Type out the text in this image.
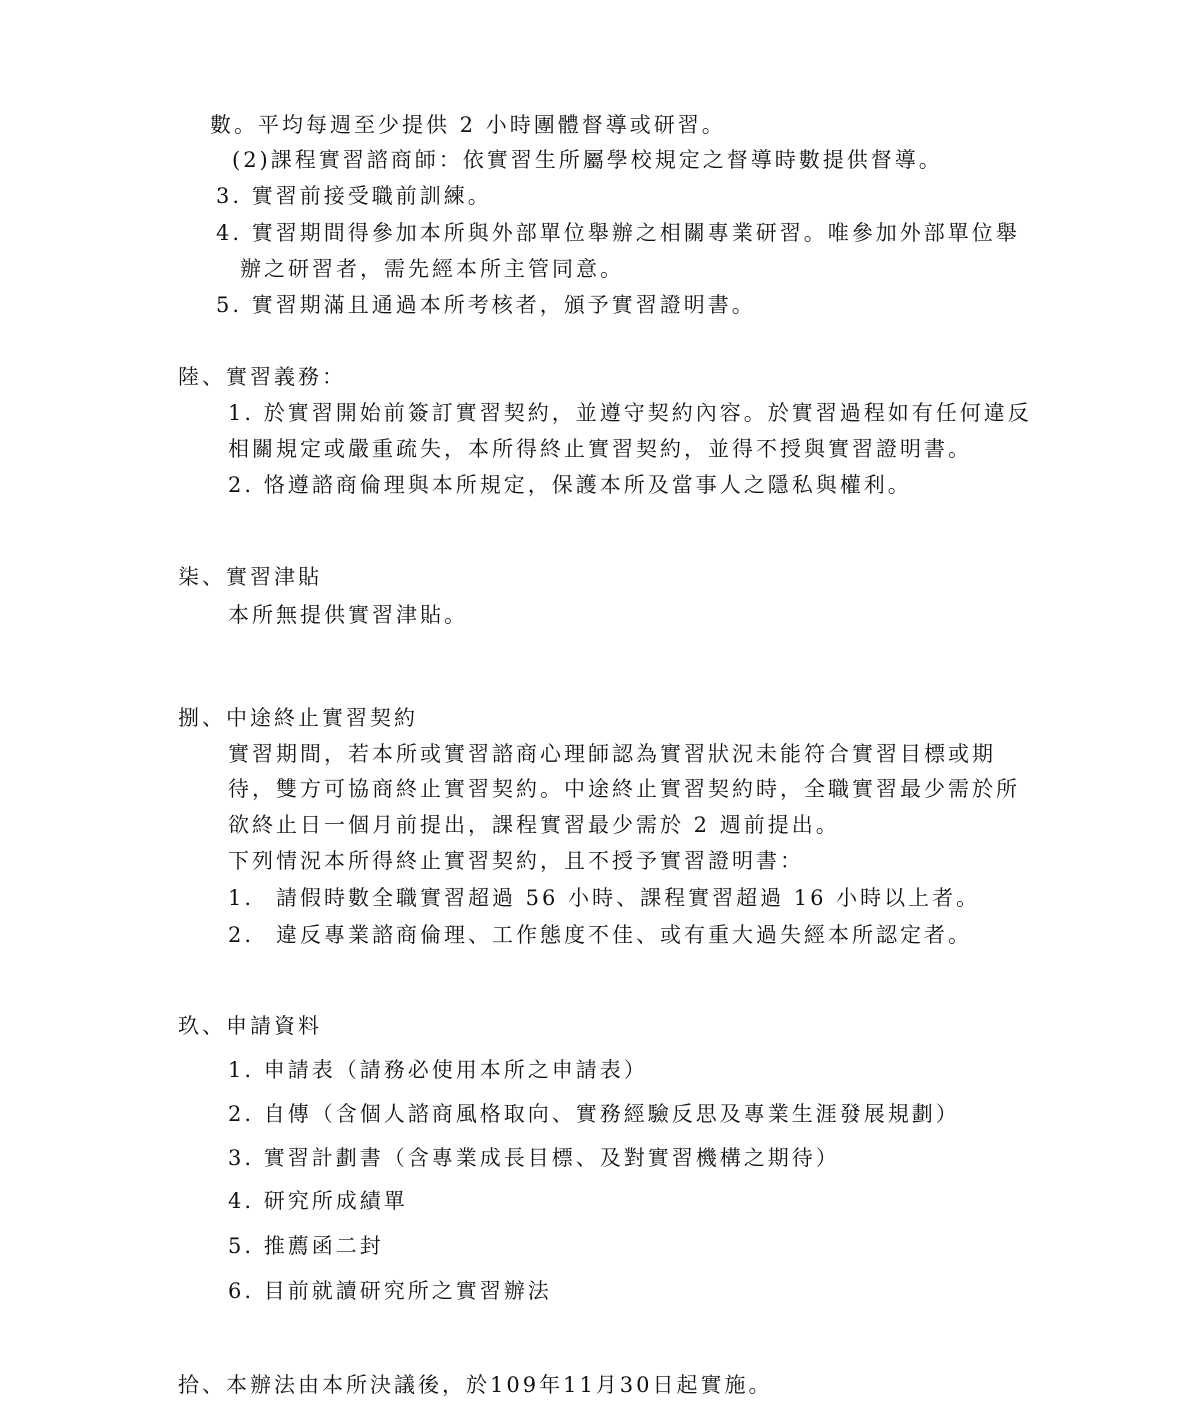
數。平均每週至少提供 2 小時團體督導或研習。
(2)課程實習諮商師：依實習生所屬學校規定之督導時數提供督導。
3. 實習前接受職前訓練。
4. 實習期間得參加本所與外部單位舉辦之相關專業研習。唯參加外部單位舉
辦之研習者，需先經本所主管同意。
5. 實習期滿且通過本所考核者，頒予實習證明書。
陸、實習義務：
1. 於實習開始前簽訂實習契約，並遵守契約內容。於實習過程如有任何違反
相關規定或嚴重疏失，本所得終止實習契約，並得不授與實習證明書。
2. 恪遵諮商倫理與本所規定，保護本所及當事人之隱私與權利。
柒、實習津貼
本所無提供實習津貼。
捌、中途終止實習契約
實習期間，若本所或實習諮商心理師認為實習狀況未能符合實習目標或期
待，雙方可協商終止實習契約。中途終止實習契約時，全職實習最少需於所
欲終止日一個月前提出，課程實習最少需於 2 週前提出。
下列情況本所得終止實習契約，且不授予實習證明書：
1. 請假時數全職實習超過 56 小時、課程實習超過 16 小時以上者。
2. 違反專業諮商倫理、工作態度不佳、或有重大過失經本所認定者。
玖、申請資料
1. 申請表（請務必使用本所之申請表）
2. 自傳（含個人諮商風格取向、實務經驗反思及專業生涯發展規劃）
3. 實習計劃書（含專業成長目標、及對實習機構之期待）
4. 研究所成績單
5. 推薦函二封
6. 目前就讀研究所之實習辦法
拾、本辦法由本所決議後，於109年11月30日起實施。
